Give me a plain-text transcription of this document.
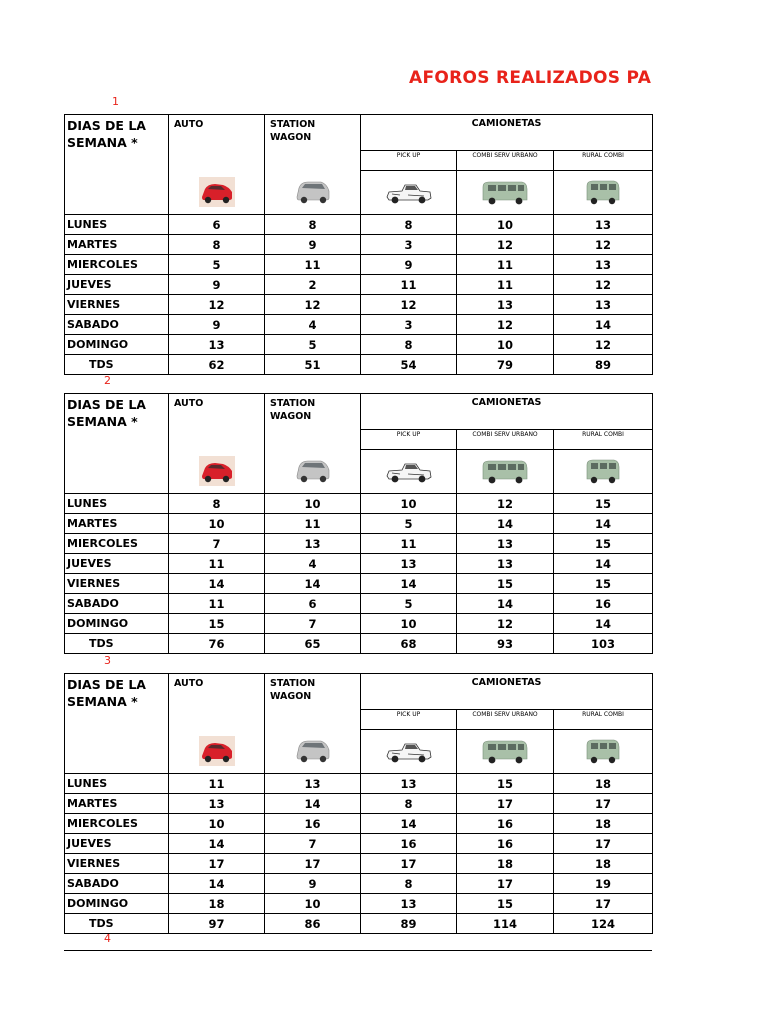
AFOROS REALIZADOS PA
1
DIAS DE LA SEMANA *	AUTO	STATION
WAGON	CAMIONETAS		
			PICK UP	COMBI SERV URBANO	RURAL COMBI

LUNES	6	8	8	10	13
MARTES	8	9	3	12	12
MIERCOLES	5	11	9	11	13
JUEVES	9	2	11	11	12
VIERNES	12	12	12	13	13
SABADO	9	4	3	12	14
DOMINGO	13	5	8	10	12
TDS	62	51	54	79	89
2
DIAS DE LA SEMANA *	AUTO	STATION
WAGON	CAMIONETAS		
			PICK UP	COMBI SERV URBANO	RURAL COMBI

LUNES	8	10	10	12	15
MARTES	10	11	5	14	14
MIERCOLES	7	13	11	13	15
JUEVES	11	4	13	13	14
VIERNES	14	14	14	15	15
SABADO	11	6	5	14	16
DOMINGO	15	7	10	12	14
TDS	76	65	68	93	103
3
DIAS DE LA SEMANA *	AUTO	STATION
WAGON	CAMIONETAS		
			PICK UP	COMBI SERV URBANO	RURAL COMBI

LUNES	11	13	13	15	18
MARTES	13	14	8	17	17
MIERCOLES	10	16	14	16	18
JUEVES	14	7	16	16	17
VIERNES	17	17	17	18	18
SABADO	14	9	8	17	19
DOMINGO	18	10	13	15	17
TDS	97	86	89	114	124
4
